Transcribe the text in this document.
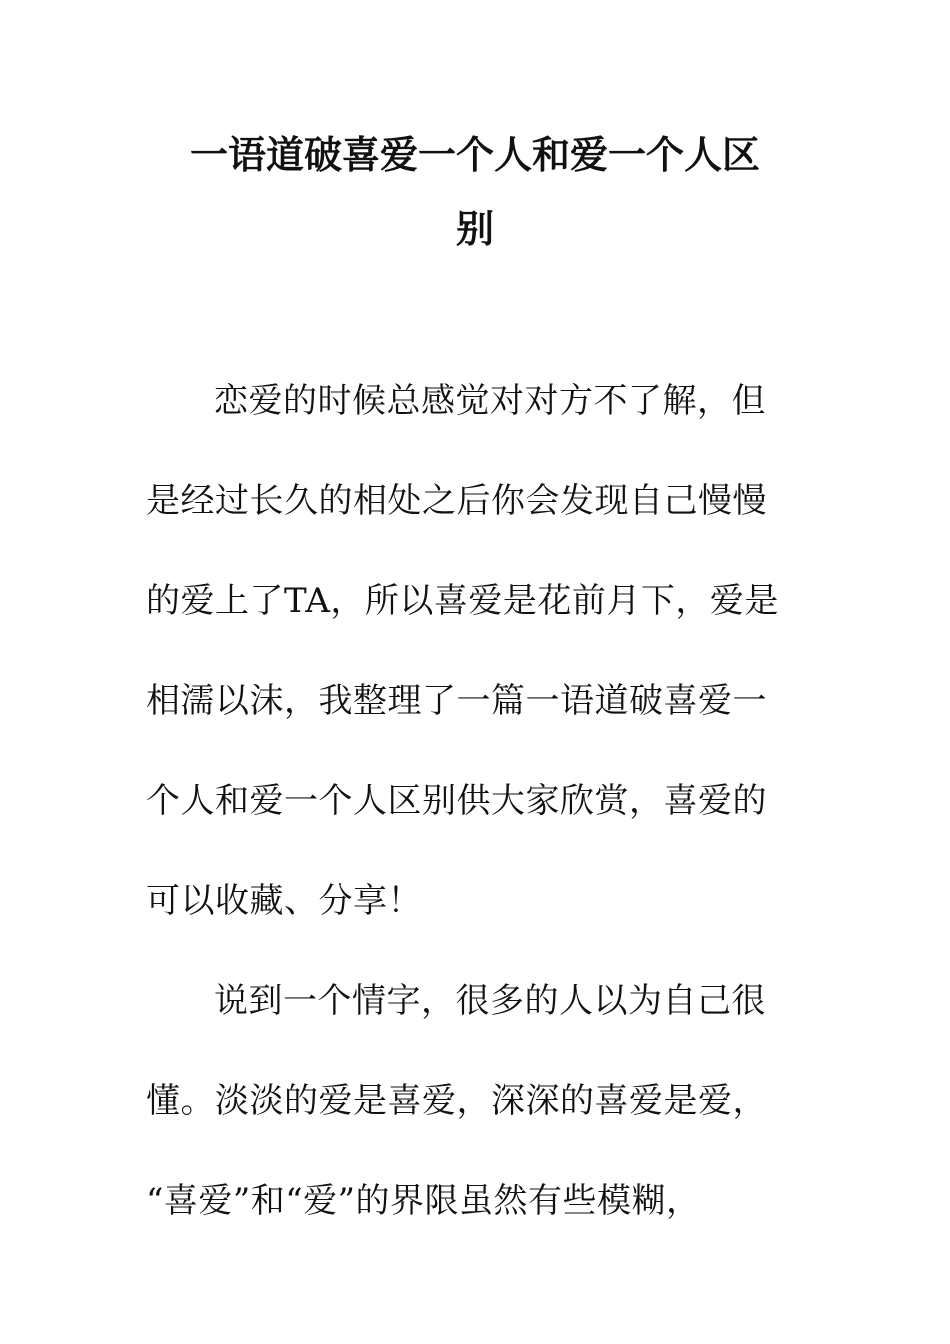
一语道破喜爱一个人和爱一个人区
别
恋爱的时候总感觉对对方不了解，但
是经过长久的相处之后你会发现自己慢慢
的爱上了TA，所以喜爱是花前月下，爱是
相濡以沫，我整理了一篇一语道破喜爱一
个人和爱一个人区别供大家欣赏，喜爱的
可以收藏、分享！
说到一个情字，很多的人以为自己很
懂。淡淡的爱是喜爱，深深的喜爱是爱，
“喜爱”和“爱”的界限虽然有些模糊，
